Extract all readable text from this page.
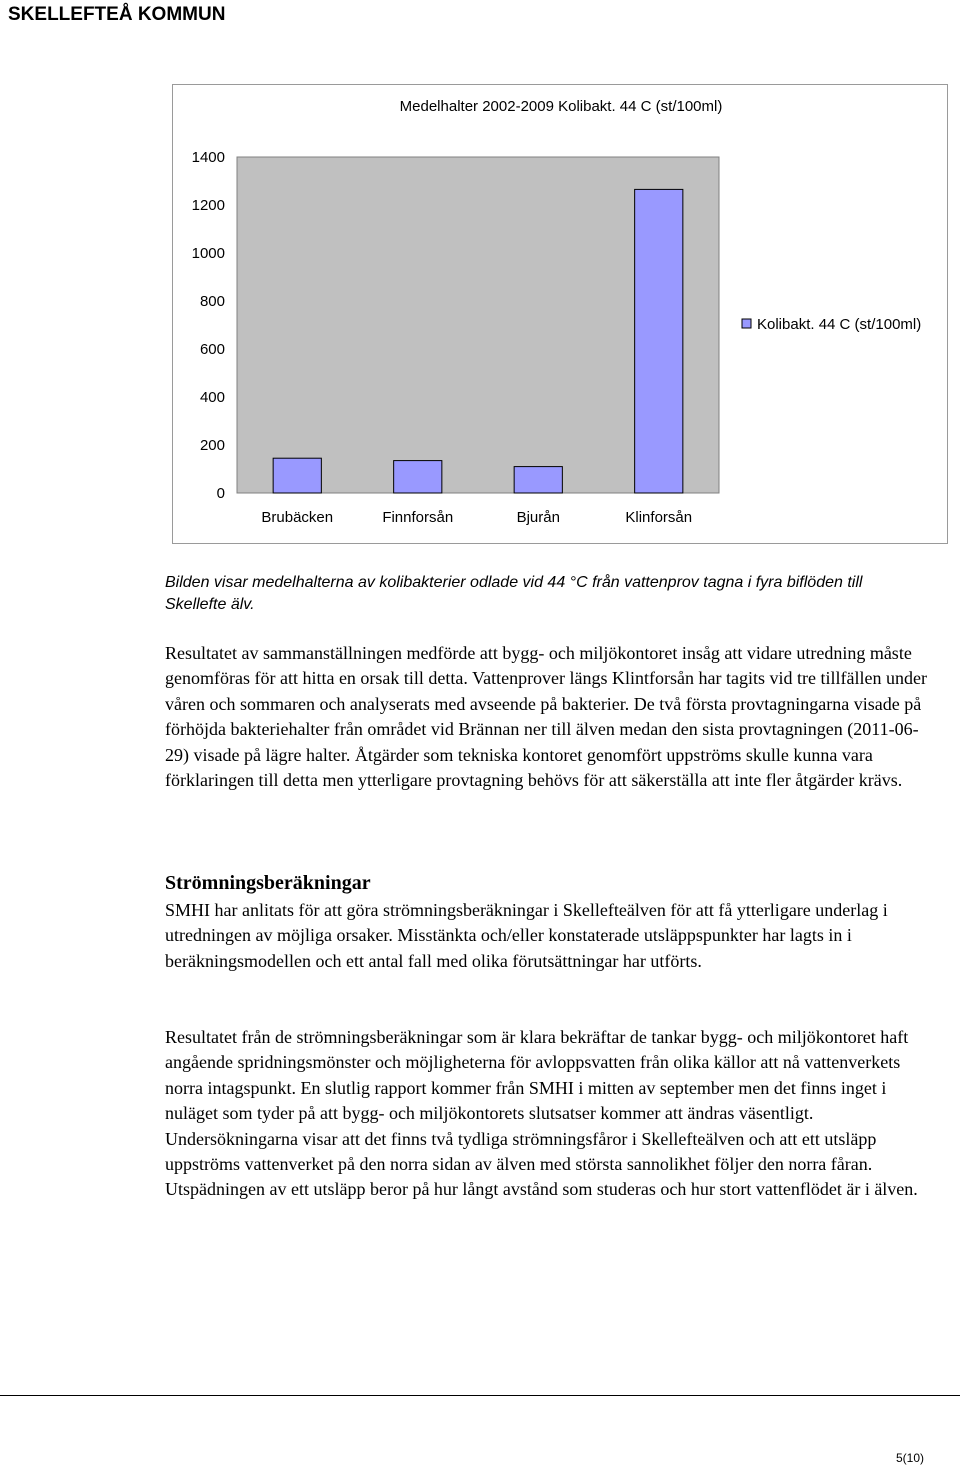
SKELLEFTEÅ KOMMUN
Medelhalter 2002-2009 Kolibakt. 44 C (st/100ml)
0
200
400
600
800
1000
1200
1400
Brubäcken	Finnforsån	Bjurån	Klinforsån
Kolibakt. 44 C (st/100ml)
Bilden visar medelhalterna av kolibakterier odlade vid 44 °C från vattenprov tagna i fyra biflöden till Skellefte älv.
Resultatet av sammanställningen medförde att bygg- och miljökontoret insåg att vidare utredning måste genomföras för att hitta en orsak till detta. Vattenprover längs Klintforsån har tagits vid tre tillfällen under våren och sommaren och analyserats med avseende på bakterier. De två första provtagningarna visade på förhöjda bakteriehalter från området vid Brännan ner till älven medan den sista provtagningen (2011-06-29) visade på lägre halter. Åtgärder som tekniska kontoret genomfört uppströms skulle kunna vara förklaringen till detta men ytterligare provtagning behövs för att säkerställa att inte fler åtgärder krävs.
Strömningsberäkningar
SMHI har anlitats för att göra strömningsberäkningar i Skellefteälven för att få ytterligare underlag i utredningen av möjliga orsaker. Misstänkta och/eller konstaterade utsläppspunkter har lagts in i beräkningsmodellen och ett antal fall med olika förutsättningar har utförts.
Resultatet från de strömningsberäkningar som är klara bekräftar de tankar bygg- och miljökontoret haft angående spridningsmönster och möjligheterna för avloppsvatten från olika källor att nå vattenverkets norra intagspunkt. En slutlig rapport kommer från SMHI i mitten av september men det finns inget i nuläget som tyder på att bygg- och miljökontorets slutsatser kommer att ändras väsentligt. Undersökningarna visar att det finns två tydliga strömningsfåror i Skellefteälven och att ett utsläpp uppströms vattenverket på den norra sidan av älven med största sannolikhet följer den norra fåran. Utspädningen av ett utsläpp beror på hur långt avstånd som studeras och hur stort vattenflödet är i älven.
5(10)
